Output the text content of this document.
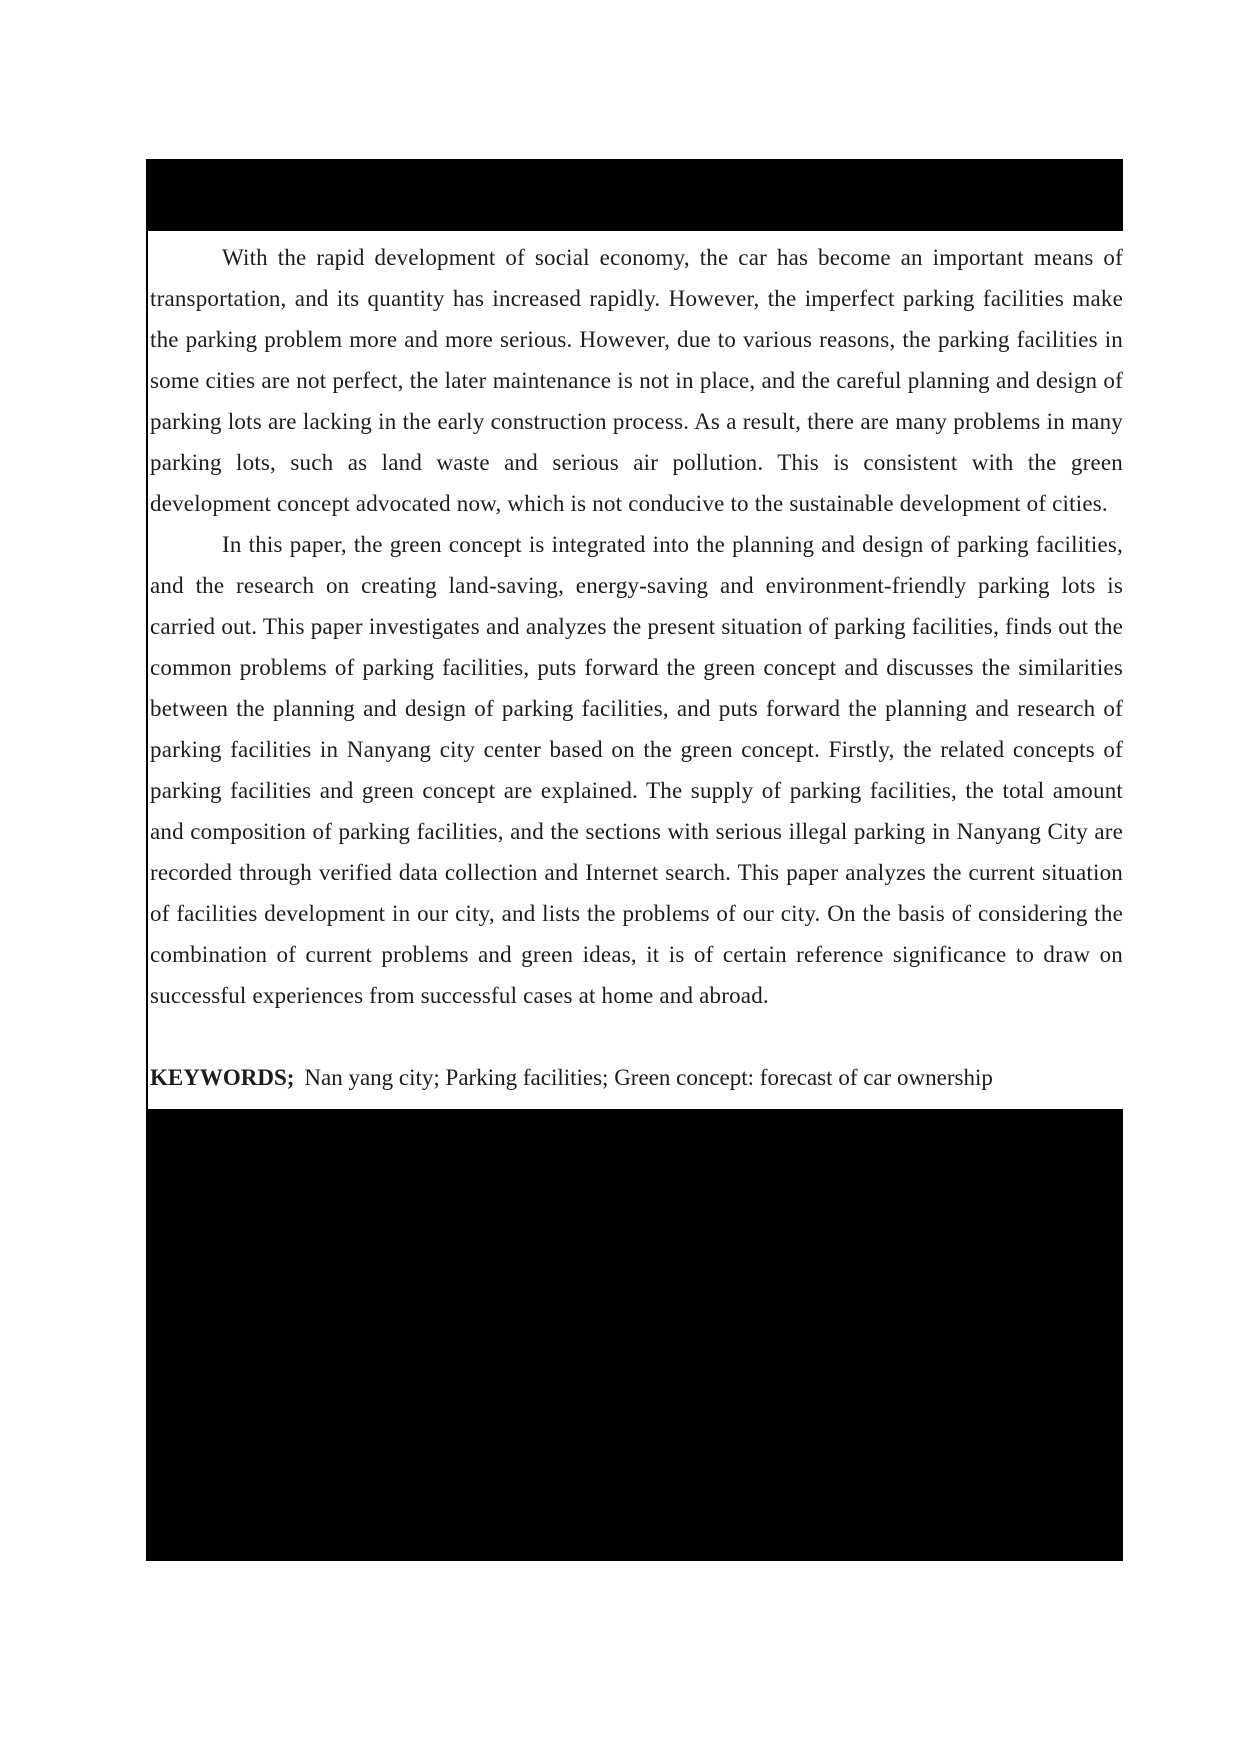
With the rapid development of social economy, the car has become an important means of transportation, and its quantity has increased rapidly. However, the imperfect parking facilities make the parking problem more and more serious. However, due to various reasons, the parking facilities in some cities are not perfect, the later maintenance is not in place, and the careful planning and design of parking lots are lacking in the early construction process. As a result, there are many problems in many parking lots, such as land waste and serious air pollution. This is consistent with the green development concept advocated now, which is not conducive to the sustainable development of cities.

In this paper, the green concept is integrated into the planning and design of parking facilities, and the research on creating land-saving, energy-saving and environment-friendly parking lots is carried out. This paper investigates and analyzes the present situation of parking facilities, finds out the common problems of parking facilities, puts forward the green concept and discusses the similarities between the planning and design of parking facilities, and puts forward the planning and research of parking facilities in Nanyang city center based on the green concept. Firstly, the related concepts of parking facilities and green concept are explained. The supply of parking facilities, the total amount and composition of parking facilities, and the sections with serious illegal parking in Nanyang City are recorded through verified data collection and Internet search. This paper analyzes the current situation of facilities development in our city, and lists the problems of our city. On the basis of considering the combination of current problems and green ideas, it is of certain reference significance to draw on successful experiences from successful cases at home and abroad.

KEYWORDS; Nan yang city; Parking facilities; Green concept: forecast of car ownership
